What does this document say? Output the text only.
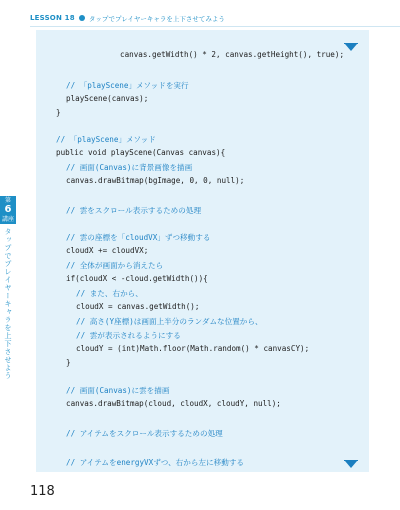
LESSON 18 タップでプレイヤーキャラを上下させてみよう
第
6
講座
タップでプレイヤーキャラを上下させよう
canvas.getWidth() * 2, canvas.getHeight(), true);
// 「playScene」メソッドを実行
playScene(canvas);
}
// 「playScene」メソッド
public void playScene(Canvas canvas){
// 画面(Canvas)に背景画像を描画
canvas.drawBitmap(bgImage, 0, 0, null);
// 雲をスクロール表示するための処理
// 雲の座標を「cloudVX」ずつ移動する
cloudX += cloudVX;
// 全体が画面から消えたら
if(cloudX < -cloud.getWidth()){
// また、右から、
cloudX = canvas.getWidth();
// 高さ(Y座標)は画面上半分のランダムな位置から、
// 雲が表示されるようにする
cloudY = (int)Math.floor(Math.random() * canvasCY);
}
// 画面(Canvas)に雲を描画
canvas.drawBitmap(cloud, cloudX, cloudY, null);
// アイテムをスクロール表示するための処理
// アイテムをenergyVXずつ、右から左に移動する
118
